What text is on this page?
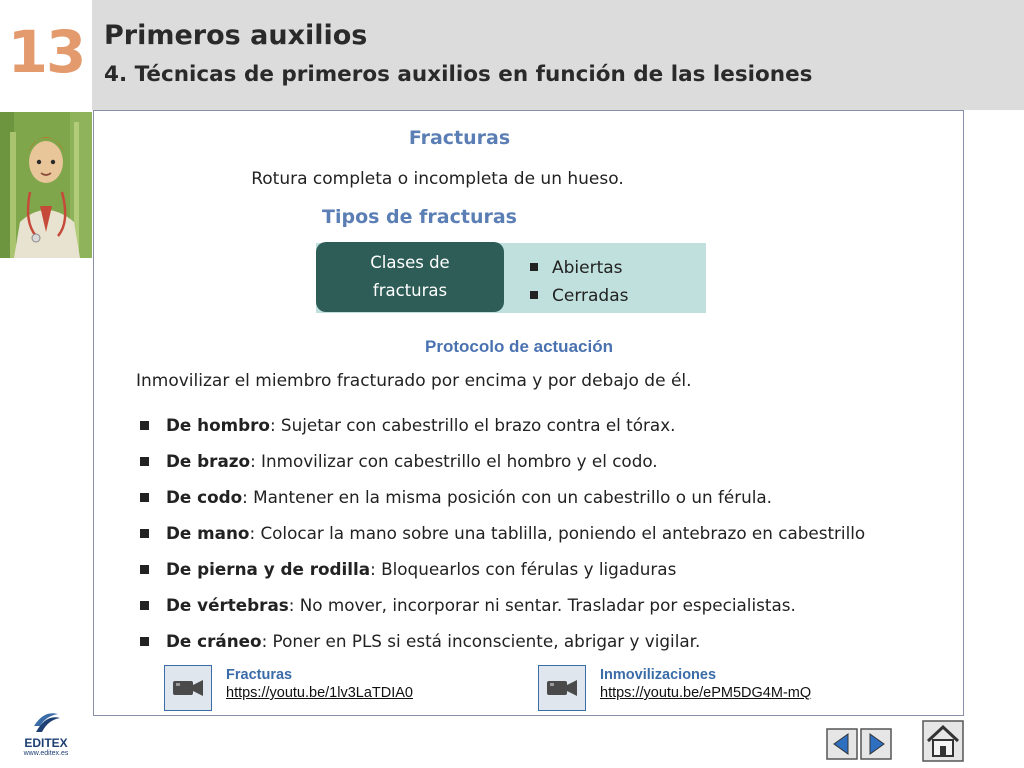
13 Primeros auxilios
4. Técnicas de primeros auxilios en función de las lesiones
Fracturas
Rotura completa o incompleta de un hueso.
Tipos de fracturas
Clases de
fracturas
Abiertas
Cerradas
Protocolo de actuación
Inmovilizar el miembro fracturado por encima y por debajo de él.
De hombro: Sujetar con cabestrillo el brazo contra el tórax.
De brazo: Inmovilizar con cabestrillo el hombro y el codo.
De codo: Mantener en la misma posición con un cabestrillo o un férula.
De mano: Colocar la mano sobre una tablilla, poniendo el antebrazo en cabestrillo
De pierna y de rodilla: Bloquearlos con férulas y ligaduras
De vértebras: No mover, incorporar ni sentar. Trasladar por especialistas.
De cráneo: Poner en PLS si está inconsciente, abrigar y vigilar.
Fracturas
https://youtu.be/1lv3LaTDIA0
Inmovilizaciones
https://youtu.be/ePM5DG4M-mQ
EDITEX
www.editex.es
